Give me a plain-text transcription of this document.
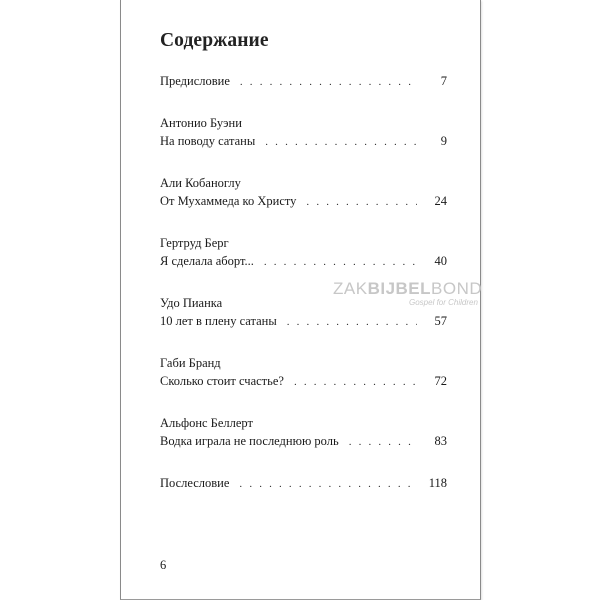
Содержание
Предисловие . . .	7
Антонио Буэни
На поводу сатаны . . .	9
Али Кобаноглу
От Мухаммеда ко Христу . . .	24
Гертруд Берг
Я сделала аборт... . . .	40
Удо Пианка
10 лет в плену сатаны . . .	57
Габи Бранд
Сколько стоит счастье? . . .	72
Альфонс Беллерт
Водка играла не последнюю роль . . .	83
Послесловие . . .	118
6
ZAKBIJBELBOND
Gospel for Children
